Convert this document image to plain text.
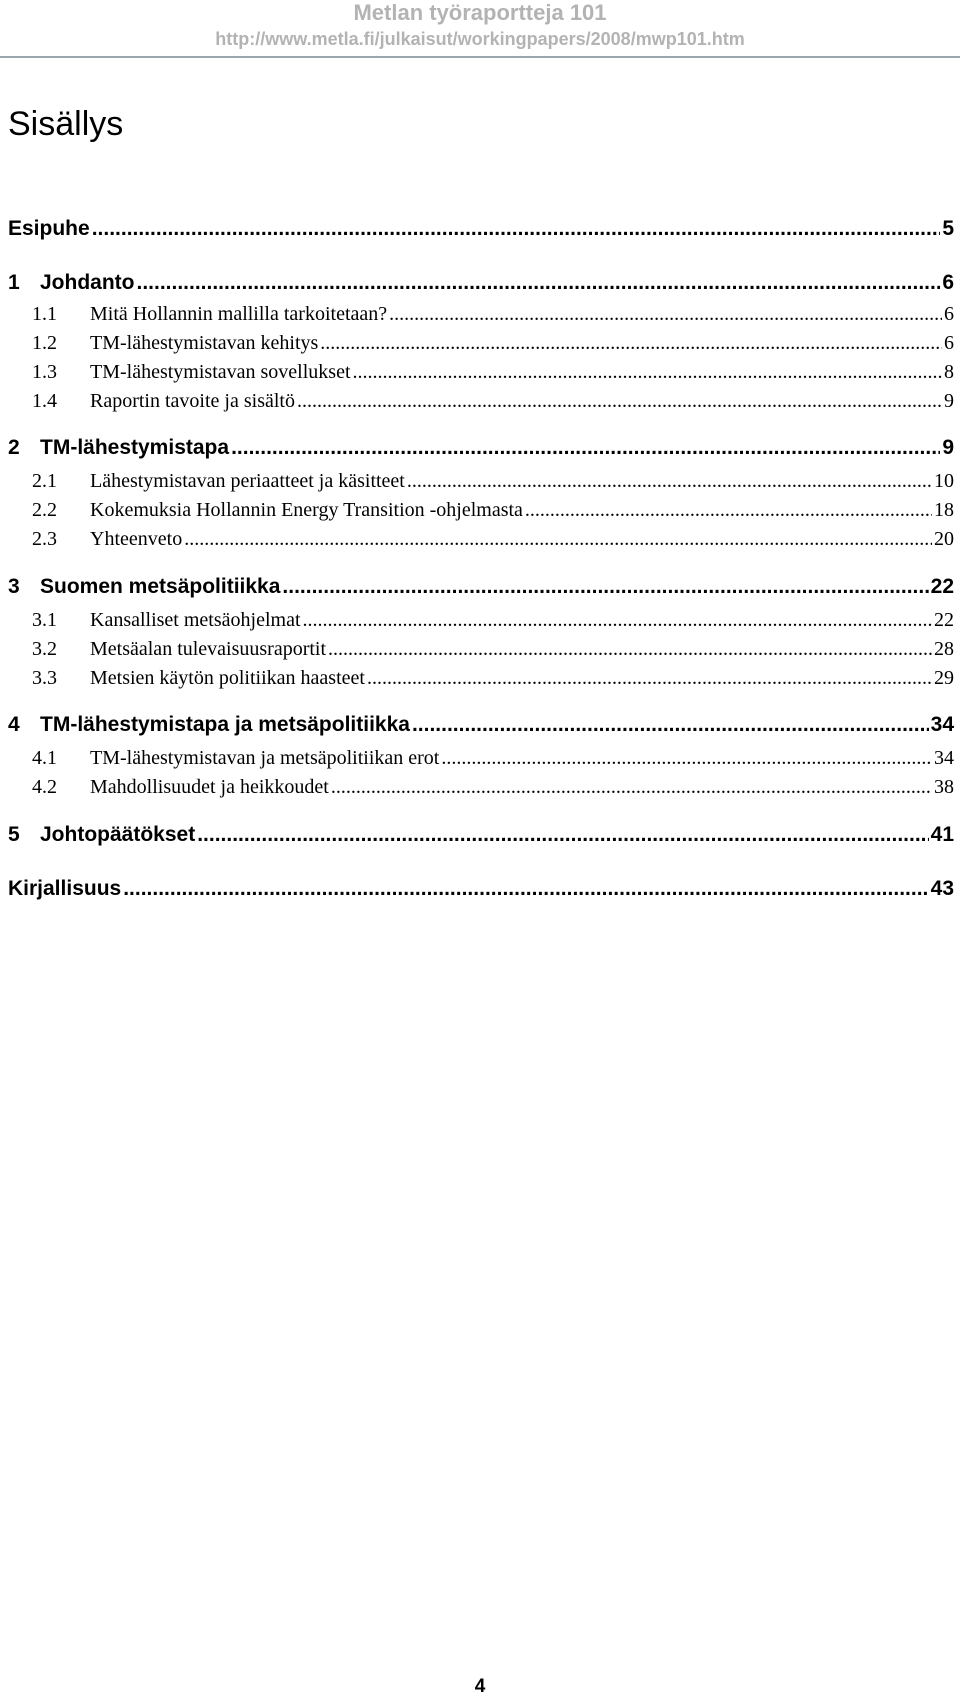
Metlan työraportteja 101
http://www.metla.fi/julkaisut/workingpapers/2008/mwp101.htm
Sisällys
Esipuhe .....	5
1 Johdanto .....	6
1.1	Mitä Hollannin mallilla tarkoitetaan? .....	6
1.2	TM-lähestymistavan kehitys .....	6
1.3	TM-lähestymistavan sovellukset .....	8
1.4	Raportin tavoite ja sisältö .....	9
2 TM-lähestymistapa .....	9
2.1	Lähestymistavan periaatteet ja käsitteet .....	10
2.2	Kokemuksia Hollannin Energy Transition -ohjelmasta .....	18
2.3	Yhteenveto .....	20
3 Suomen metsäpolitiikka .....	22
3.1	Kansalliset metsäohjelmat .....	22
3.2	Metsäalan tulevaisuusraportit .....	28
3.3	Metsien käytön politiikan haasteet .....	29
4 TM-lähestymistapa ja metsäpolitiikka .....	34
4.1	TM-lähestymistavan ja metsäpolitiikan erot .....	34
4.2	Mahdollisuudet ja heikkoudet .....	38
5 Johtopäätökset .....	41
Kirjallisuus .....	43
4
